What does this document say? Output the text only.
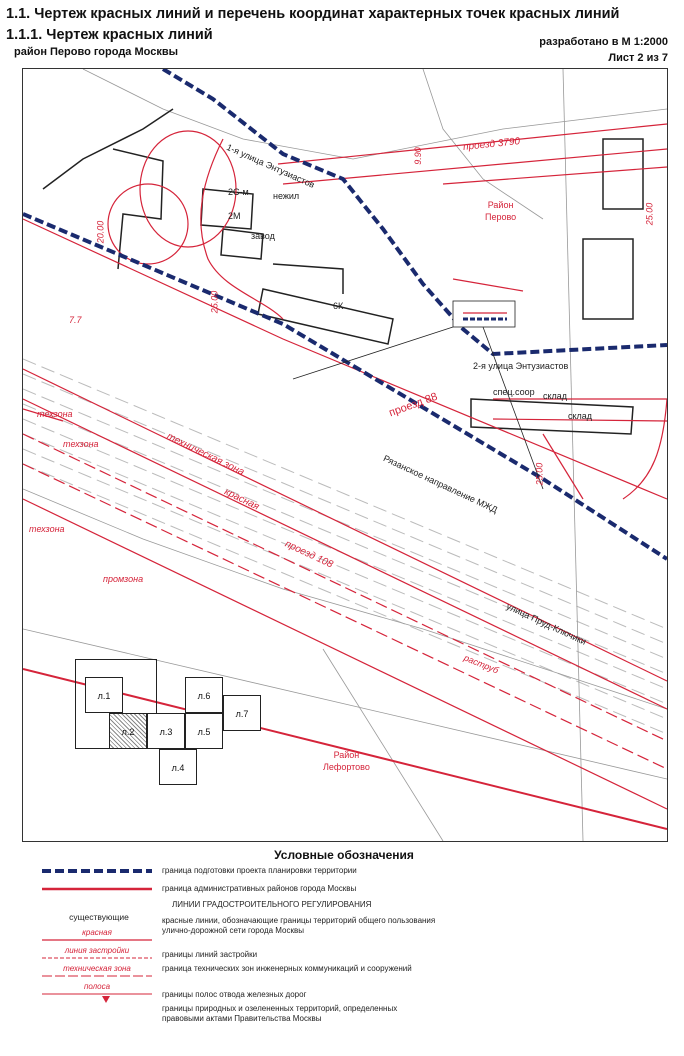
1.1. Чертеж красных линий и перечень координат характерных точек красных линий
1.1.1. Чертеж красных линий
район Перово города Москвы
разработано в М 1:2000
Лист 2 из 7
1-я улица Энтузиастов	проезд 3790
2-я улица Энтузиастов
проезд 88
Рязанское направление МЖД
проезд 108
улица Пруд-Ключики
техническая зона
красная
раструб
техзона
техзона
техзона
промзона
Район
Перово
Район
Лефортово
склад
склад
спец.соор
завод
6К
2М
2С-м	нежил
25.00
25.00
25.00
20.00
7.7
9.90
л.1
л.2	л.3
л.4
л.5
л.6
л.7
Условные обозначения
граница подготовки проекта планировки территории
граница административных районов города Москвы
ЛИНИИ ГРАДОСТРОИТЕЛЬНОГО РЕГУЛИРОВАНИЯ
существующие
красная
красные линии, обозначающие границы территорий общего пользования улично-дорожной сети города Москвы
линия застройки	границы линий застройки
техническая зона	граница технических зон инженерных коммуникаций и сооружений
полоса
границы полос отвода железных дорог
границы природных и озелененных территорий, определенных правовыми актами Правительства Москвы
